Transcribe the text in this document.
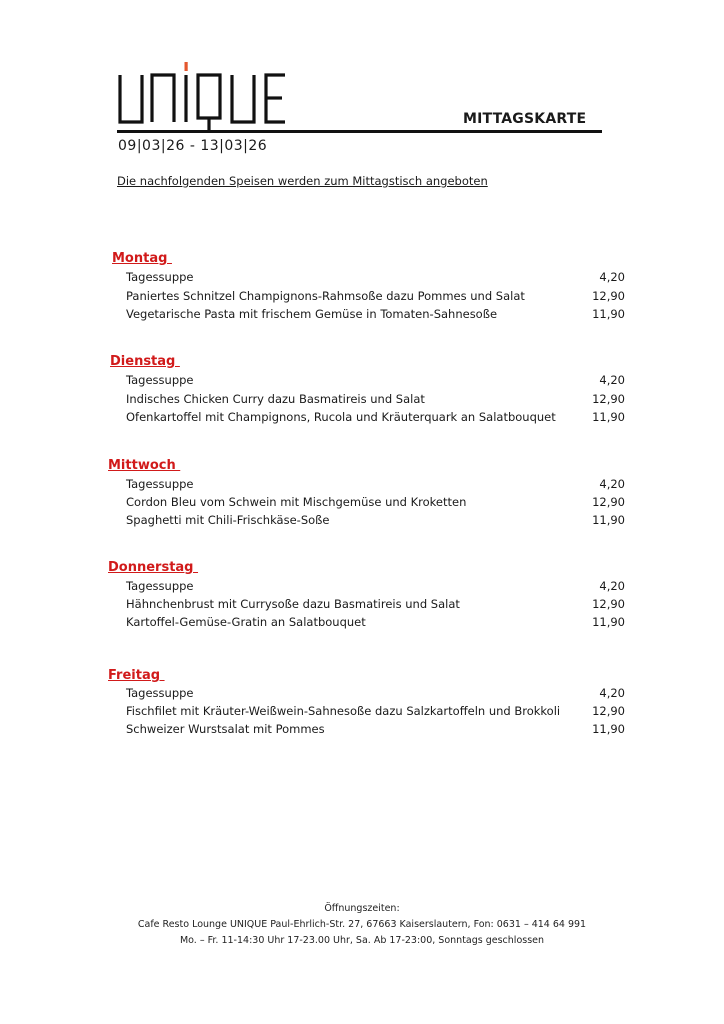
MITTAGSKARTE
09|03|26 - 13|03|26
Die nachfolgenden Speisen werden zum Mittagstisch angeboten
Montag
Tagessuppe	4,20
Paniertes Schnitzel Champignons-Rahmsoße dazu Pommes und Salat	12,90
Vegetarische Pasta mit frischem Gemüse in Tomaten-Sahnesoße	11,90
Dienstag
Tagessuppe	4,20
Indisches Chicken Curry dazu Basmatireis und Salat	12,90
Ofenkartoffel mit Champignons, Rucola und Kräuterquark an Salatbouquet	11,90
Mittwoch
Tagessuppe	4,20
Cordon Bleu vom Schwein mit Mischgemüse und Kroketten	12,90
Spaghetti mit Chili-Frischkäse-Soße	11,90
Donnerstag
Tagessuppe	4,20
Hähnchenbrust mit Currysoße dazu Basmatireis und Salat	12,90
Kartoffel-Gemüse-Gratin an Salatbouquet	11,90
Freitag
Tagessuppe	4,20
Fischfilet mit Kräuter-Weißwein-Sahnesoße dazu Salzkartoffeln und Brokkoli	12,90
Schweizer Wurstsalat mit Pommes	11,90
Öffnungszeiten:
Cafe Resto Lounge UNIQUE Paul-Ehrlich-Str. 27, 67663 Kaiserslautern, Fon: 0631 – 414 64 991
Mo. – Fr. 11-14:30 Uhr 17-23.00 Uhr, Sa. Ab 17-23:00, Sonntags geschlossen
